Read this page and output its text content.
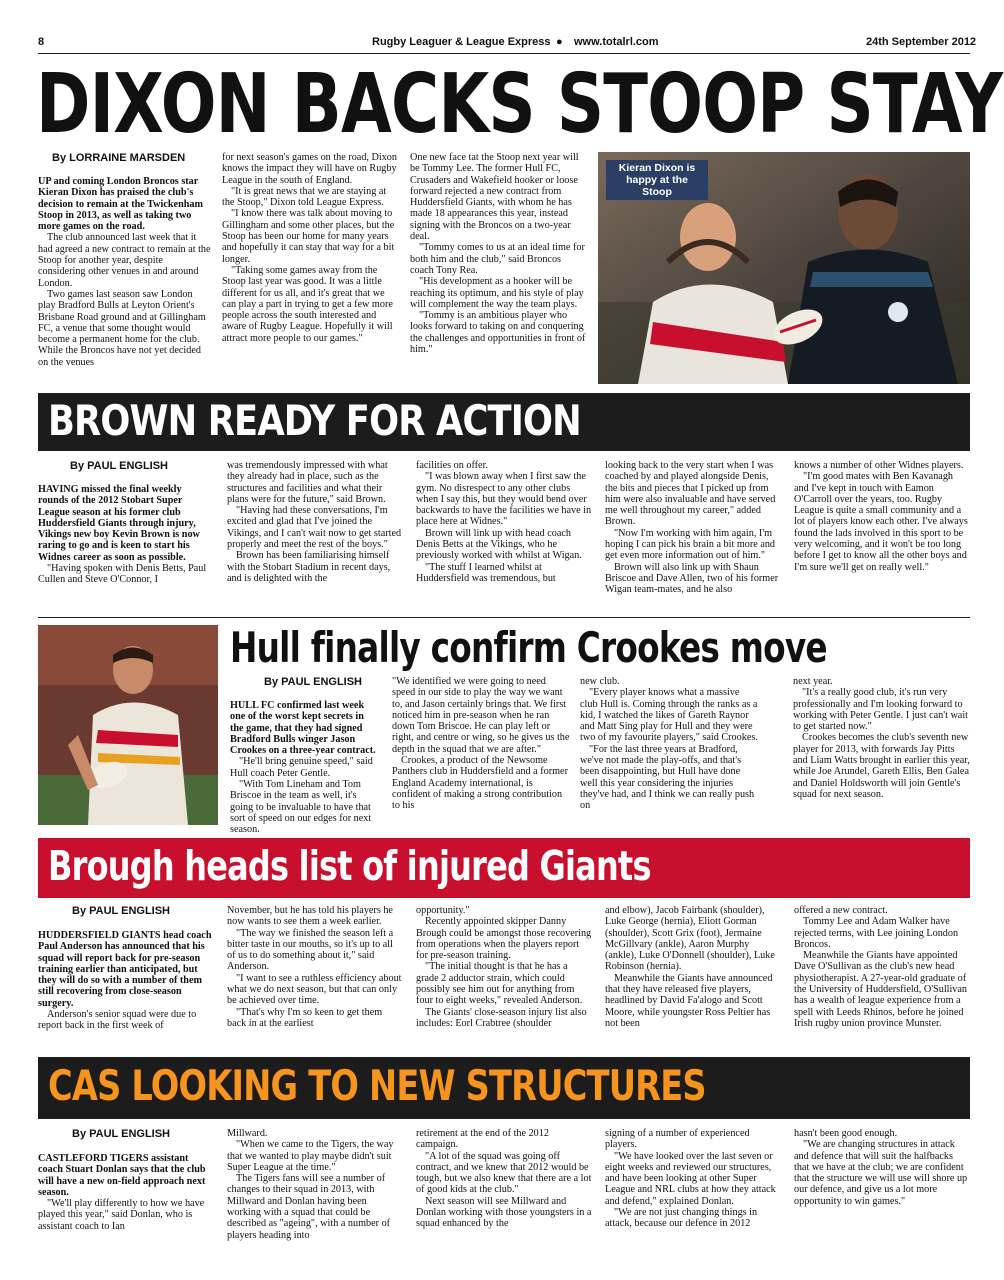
8	Rugby Leaguer & League Express ● www.totalrl.com	24th September 2012
DIXON BACKS STOOP STAY
By LORRAINE MARSDEN

UP and coming London Broncos star Kieran Dixon has praised the club's decision to remain at the Twickenham Stoop in 2013, as well as taking two more games on the road.

The club announced last week that it had agreed a new contract to remain at the Stoop for another year, despite considering other venues in and around London.

Two games last season saw London play Bradford Bulls at Leyton Orient's Brisbane Road ground and at Gillingham FC, a venue that some thought would become a permanent home for the club. While the Broncos have not yet decided on the venues

for next season's games on the road, Dixon knows the impact they will have on Rugby League in the south of England.

"It is great news that we are staying at the Stoop," Dixon told League Express.

"I know there was talk about moving to Gillingham and some other places, but the Stoop has been our home for many years and hopefully it can stay that way for a bit longer.

"Taking some games away from the Stoop last year was good. It was a little different for us all, and it's great that we can play a part in trying to get a few more people across the south interested and aware of Rugby League. Hopefully it will attract more people to our games."

One new face tat the Stoop next year will be Tommy Lee. The former Hull FC, Crusaders and Wakefield hooker or loose forward rejected a new contract from Huddersfield Giants, with whom he has made 18 appearances this year, instead signing with the Broncos on a two-year deal.

"Tommy comes to us at an ideal time for both him and the club," said Broncos coach Tony Rea.

"His development as a hooker will be reaching its optimum, and his style of play will complement the way the team plays.

"Tommy is an ambitious player who looks forward to taking on and conquering the challenges and opportunities in front of him."

Kieran Dixon is
happy at the Stoop
BROWN READY FOR ACTION
By PAUL ENGLISH

HAVING missed the final weekly rounds of the 2012 Stobart Super League season at his former club Huddersfield Giants through injury, Vikings new boy Kevin Brown is now raring to go and is keen to start his Widnes career as soon as possible.

"Having spoken with Denis Betts, Paul Cullen and Steve O'Connor, I

was tremendously impressed with what they already had in place, such as the structures and facilities and what their plans were for the future," said Brown.

"Having had these conversations, I'm excited and glad that I've joined the Vikings, and I can't wait now to get started properly and meet the rest of the boys."

Brown has been familiarising himself with the Stobart Stadium in recent days, and is delighted with the

facilities on offer.

"I was blown away when I first saw the gym. No disrespect to any other clubs when I say this, but they would bend over backwards to have the facilities we have in place here at Widnes."

Brown will link up with head coach Denis Betts at the Vikings, who he previously worked with whilst at Wigan.

"The stuff I learned whilst at Huddersfield was tremendous, but

looking back to the very start when I was coached by and played alongside Denis, the bits and pieces that I picked up from him were also invaluable and have served me well throughout my career," added Brown.

"Now I'm working with him again, I'm hoping I can pick his brain a bit more and get even more information out of him."

Brown will also link up with Shaun Briscoe and Dave Allen, two of his former Wigan team-mates, and he also

knows a number of other Widnes players.

"I'm good mates with Ben Kavanagh and I've kept in touch with Eamon O'Carroll over the years, too. Rugby League is quite a small community and a lot of players know each other. I've always found the lads involved in this sport to be very welcoming, and it won't be too long before I get to know all the other boys and I'm sure we'll get on really well."

Hull finally confirm Crookes move
By PAUL ENGLISH

HULL FC confirmed last week one of the worst kept secrets in the game, that they had signed Bradford Bulls winger Jason Crookes on a three-year contract.

"He'll bring genuine speed," said Hull coach Peter Gentle.

"With Tom Lineham and Tom Briscoe in the team as well, it's going to be invaluable to have that sort of speed on our edges for next season.

"We identified we were going to need speed in our side to play the way we want to, and Jason certainly brings that. We first noticed him in pre-season when he ran down Tom Briscoe. He can play left or right, and centre or wing, so he gives us the depth in the squad that we are after."

Crookes, a product of the Newsome Panthers club in Huddersfield and a former England Academy international, is confident of making a strong contribution to his

new club.

"Every player knows what a massive club Hull is. Coming through the ranks as a kid, I watched the likes of Gareth Raynor and Matt Sing play for Hull and they were two of my favourite players," said Crookes.

"For the last three years at Bradford, we've not made the play-offs, and that's been disappointing, but Hull have done well this year considering the injuries they've had, and I think we can really push on

next year.

"It's a really good club, it's run very professionally and I'm looking forward to working with Peter Gentle. I just can't wait to get started now."

Crookes becomes the club's seventh new player for 2013, with forwards Jay Pitts and Liam Watts brought in earlier this year, while Joe Arundel, Gareth Ellis, Ben Galea and Daniel Holdsworth will join Gentle's squad for next season.

Brough heads list of injured Giants
By PAUL ENGLISH

HUDDERSFIELD GIANTS head coach Paul Anderson has announced that his squad will report back for pre-season training earlier than anticipated, but they will do so with a number of them still recovering from close-season surgery.

Anderson's senior squad were due to report back in the first week of

November, but he has told his players he now wants to see them a week earlier.

"The way we finished the season left a bitter taste in our mouths, so it's up to all of us to do something about it," said Anderson.

"I want to see a ruthless efficiency about what we do next season, but that can only be achieved over time.

"That's why I'm so keen to get them back in at the earliest

opportunity."

Recently appointed skipper Danny Brough could be amongst those recovering from operations when the players report for pre-season training.

"The initial thought is that he has a grade 2 adductor strain, which could possibly see him out for anything from four to eight weeks," revealed Anderson.

The Giants' close-season injury list also includes: Eorl Crabtree (shoulder

and elbow), Jacob Fairbank (shoulder), Luke George (hernia), Eliott Gorman (shoulder), Scott Grix (foot), Jermaine McGillvary (ankle), Aaron Murphy (ankle), Luke O'Donnell (shoulder), Luke Robinson (hernia).

Meanwhile the Giants have announced that they have released five players, headlined by David Fa'alogo and Scott Moore, while youngster Ross Peltier has not been

offered a new contract.

Tommy Lee and Adam Walker have rejected terms, with Lee joining London Broncos.

Meanwhile the Giants have appointed Dave O'Sullivan as the club's new head physiotherapist. A 27-year-old graduate of the University of Huddersfield, O'Sullivan has a wealth of league experience from a spell with Leeds Rhinos, before he joined Irish rugby union province Munster.

CAS LOOKING TO NEW STRUCTURES
By PAUL ENGLISH

CASTLEFORD TIGERS assistant coach Stuart Donlan says that the club will have a new on-field approach next season.

"We'll play differently to how we have played this year," said Donlan, who is assistant coach to Ian

Millward.

"When we came to the Tigers, the way that we wanted to play maybe didn't suit Super League at the time."

The Tigers fans will see a number of changes to their squad in 2013, with Millward and Donlan having been working with a squad that could be described as "ageing", with a number of players heading into

retirement at the end of the 2012 campaign.

"A lot of the squad was going off contract, and we knew that 2012 would be tough, but we also knew that there are a lot of good kids at the club."

Next season will see Millward and Donlan working with those youngsters in a squad enhanced by the

signing of a number of experienced players.

"We have looked over the last seven or eight weeks and reviewed our structures, and have been looking at other Super League and NRL clubs at how they attack and defend," explained Donlan.

"We are not just changing things in attack, because our defence in 2012

hasn't been good enough.

"We are changing structures in attack and defence that will suit the halfbacks that we have at the club; we are confident that the structure we will use will shore up our defence, and give us a lot more opportunity to win games."
